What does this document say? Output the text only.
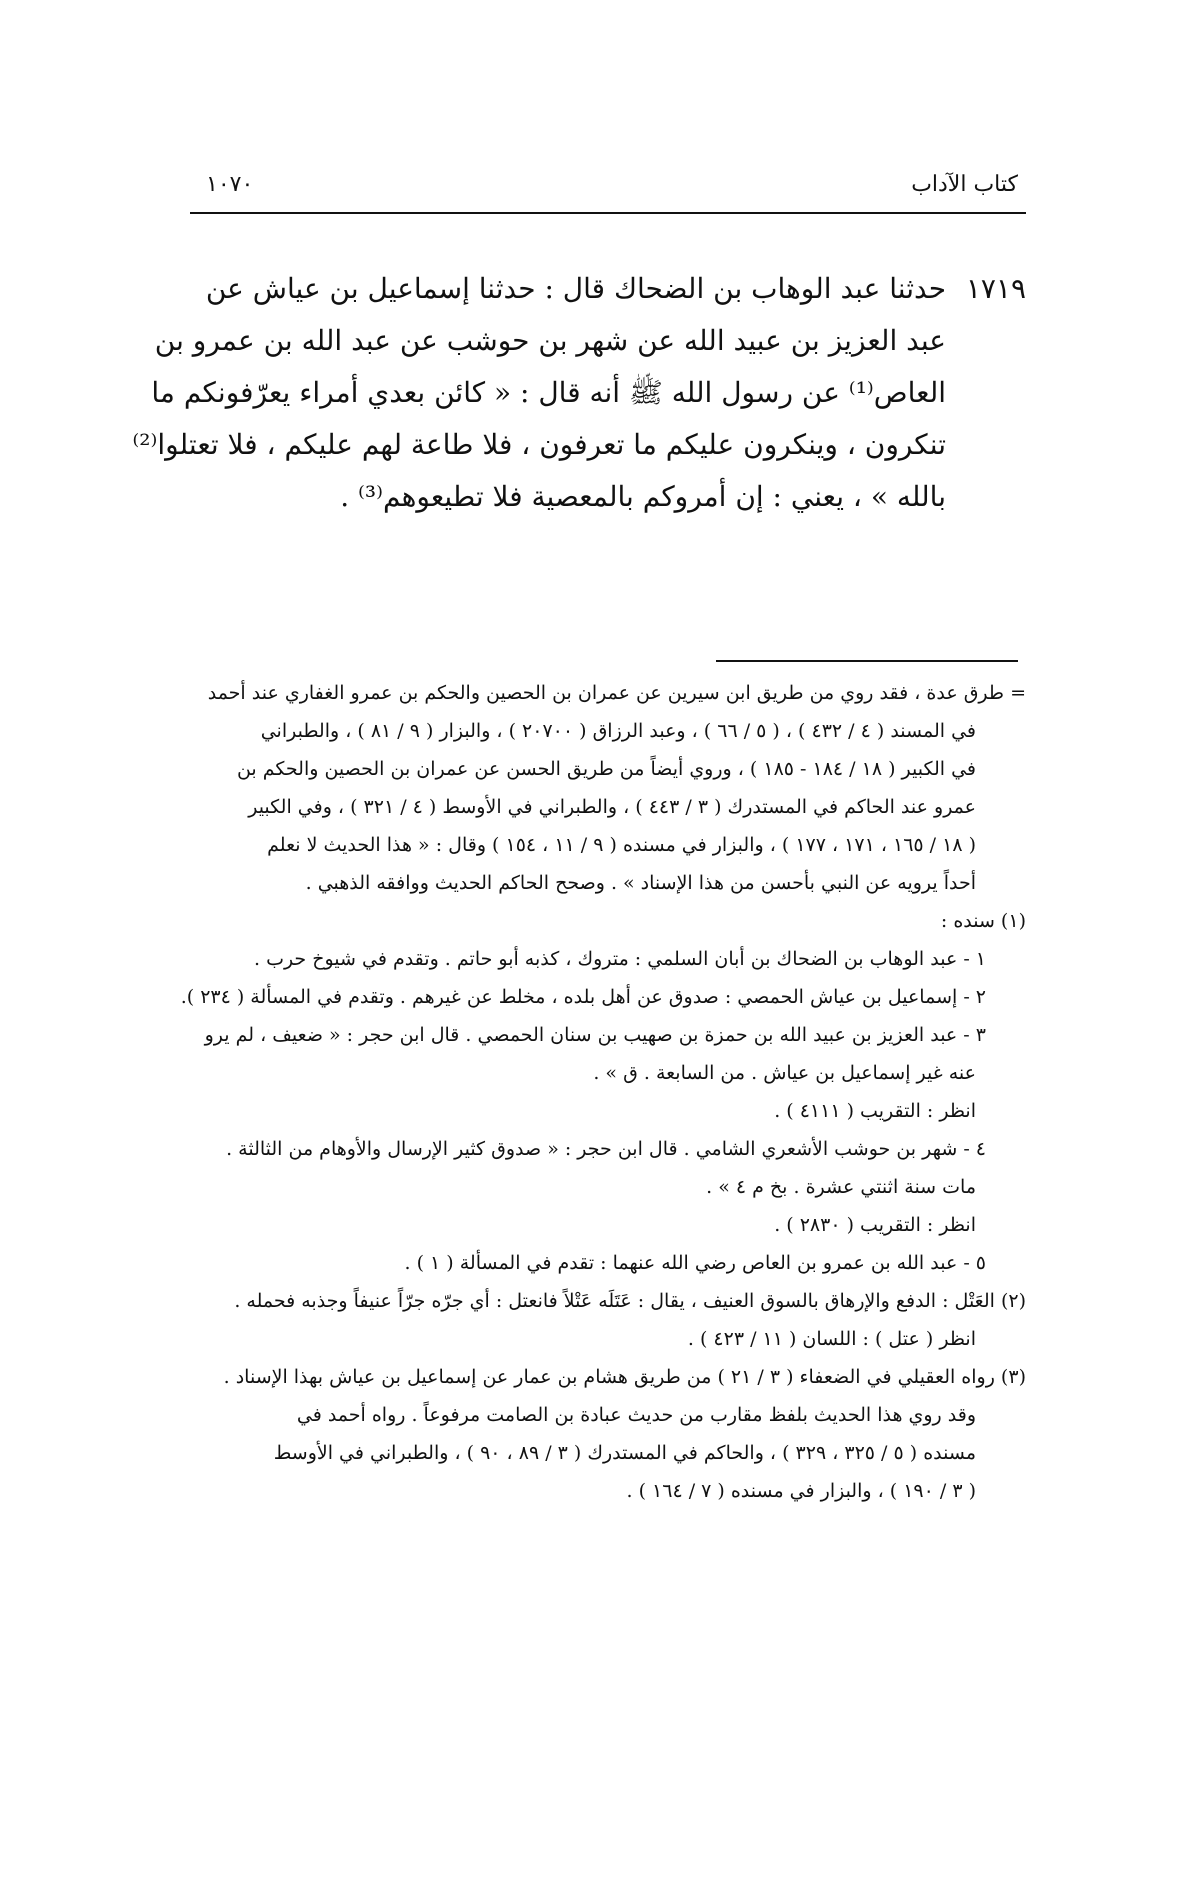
كتاب الآداب
١٠٧٠
١٧١٩حدثنا عبد الوهاب بن الضحاك قال : حدثنا إسماعيل بن عياش عن
عبد العزيز بن عبيد الله عن شهر بن حوشب عن عبد الله بن عمرو بن
العاص⁽¹⁾ عن رسول الله ﷺ أنه قال : « كائن بعدي أمراء يعرّفونكم ما
تنكرون ، وينكرون عليكم ما تعرفون ، فلا طاعة لهم عليكم ، فلا تعتلوا⁽²⁾
بالله » ، يعني : إن أمروكم بالمعصية فلا تطيعوهم⁽³⁾ .
= طرق عدة ، فقد روي من طريق ابن سيرين عن عمران بن الحصين والحكم بن عمرو الغفاري عند أحمد
في المسند ( ٤ / ٤٣٢ ) ، ( ٥ / ٦٦ ) ، وعبد الرزاق ( ٢٠٧٠٠ ) ، والبزار ( ٩ / ٨١ ) ، والطبراني
في الكبير ( ١٨ / ١٨٤ - ١٨٥ ) ، وروي أيضاً من طريق الحسن عن عمران بن الحصين والحكم بن
عمرو عند الحاكم في المستدرك ( ٣ / ٤٤٣ ) ، والطبراني في الأوسط ( ٤ / ٣٢١ ) ، وفي الكبير
( ١٨ / ١٦٥ ، ١٧١ ، ١٧٧ ) ، والبزار في مسنده ( ٩ / ١١ ، ١٥٤ ) وقال : « هذا الحديث لا نعلم
أحداً يرويه عن النبي بأحسن من هذا الإسناد » . وصحح الحاكم الحديث ووافقه الذهبي .
(١) سنده :
١ - عبد الوهاب بن الضحاك بن أبان السلمي : متروك ، كذبه أبو حاتم . وتقدم في شيوخ حرب .
٢ - إسماعيل بن عياش الحمصي : صدوق عن أهل بلده ، مخلط عن غيرهم . وتقدم في المسألة ( ٢٣٤ ).
٣ - عبد العزيز بن عبيد الله بن حمزة بن صهيب بن سنان الحمصي . قال ابن حجر : « ضعيف ، لم يرو
عنه غير إسماعيل بن عياش . من السابعة . ق » .
انظر : التقريب ( ٤١١١ ) .
٤ - شهر بن حوشب الأشعري الشامي . قال ابن حجر : « صدوق كثير الإرسال والأوهام من الثالثة .
مات سنة اثنتي عشرة . بخ م ٤ » .
انظر : التقريب ( ٢٨٣٠ ) .
٥ - عبد الله بن عمرو بن العاص رضي الله عنهما : تقدم في المسألة ( ١ ) .
(٢) العَتْل : الدفع والإرهاق بالسوق العنيف ، يقال : عَتَلَه عَتْلاً فانعتل : أي جرّه جرّاً عنيفاً وجذبه فحمله .
انظر ( عتل ) : اللسان ( ١١ / ٤٢٣ ) .
(٣) رواه العقيلي في الضعفاء ( ٣ / ٢١ ) من طريق هشام بن عمار عن إسماعيل بن عياش بهذا الإسناد .
وقد روي هذا الحديث بلفظ مقارب من حديث عبادة بن الصامت مرفوعاً . رواه أحمد في
مسنده ( ٥ / ٣٢٥ ، ٣٢٩ ) ، والحاكم في المستدرك ( ٣ / ٨٩ ، ٩٠ ) ، والطبراني في الأوسط
( ٣ / ١٩٠ ) ، والبزار في مسنده ( ٧ / ١٦٤ ) .
